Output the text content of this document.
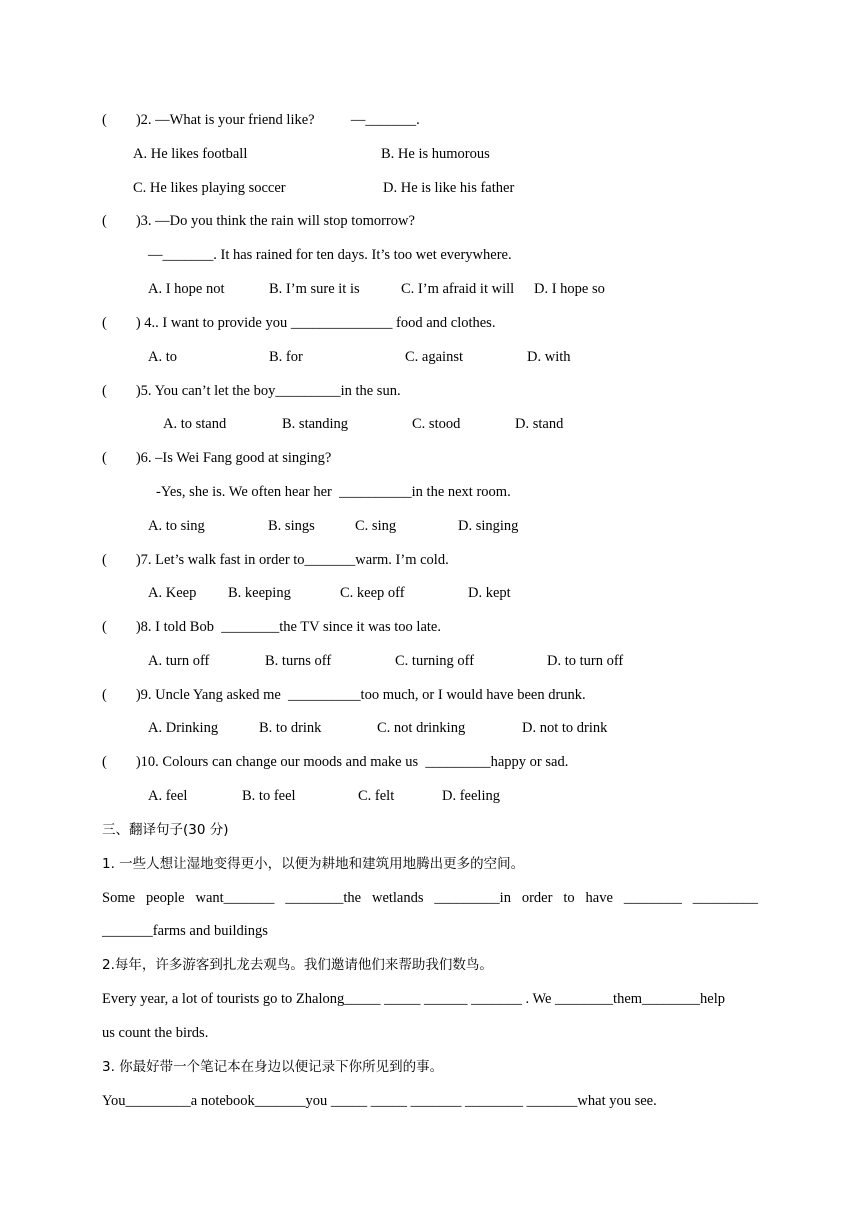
(        )2. —What is your friend like?          —_______.
A. He likes football	B. He is humorous
C. He likes playing soccer	D. He is like his father
(        )3. —Do you think the rain will stop tomorrow?
—_______. It has rained for ten days. It’s too wet everywhere.
A. I hope not	B. I’m sure it is	C. I’m afraid it will D. I hope so
(        ) 4.. I want to provide you ______________ food and clothes.
A. to	B. for	C. against	D. with
(        )5. You can’t let the boy_________in the sun.
A. to stand	B. standing	C. stood	D. stand
(        )6. –Is Wei Fang good at singing?
-Yes, she is. We often hear her  __________in the next room.
A. to sing	B. sings	C. sing	D. singing
(        )7. Let’s walk fast in order to_______warm. I’m cold.
A. Keep B. keeping	C. keep off	D. kept
(        )8. I told Bob  ________the TV since it was too late.
A. turn off	B. turns off	C. turning off	D. to turn off
(        )9. Uncle Yang asked me  __________too much, or I would have been drunk.
A. Drinking	B. to drink	C. not drinking	D. not to drink
(        )10. Colours can change our moods and make us  _________happy or sad.
A. feel	B. to feel	C. felt	D. feeling
三、翻译句子(30 分)
1. 一些人想让湿地变得更小，以便为耕地和建筑用地腾出更多的空间。
Some people want_______ ________the wetlands _________in order to have ________ _________
_______farms and buildings
2.每年，许多游客到扎龙去观鸟。我们邀请他们来帮助我们数鸟。
Every year, a lot of tourists go to Zhalong_____ _____ ______ _______ . We ________them________help
us count the birds.
3. 你最好带一个笔记本在身边以便记录下你所见到的事。
You_________a notebook_______you _____ _____ _______ ________ _______what you see.
